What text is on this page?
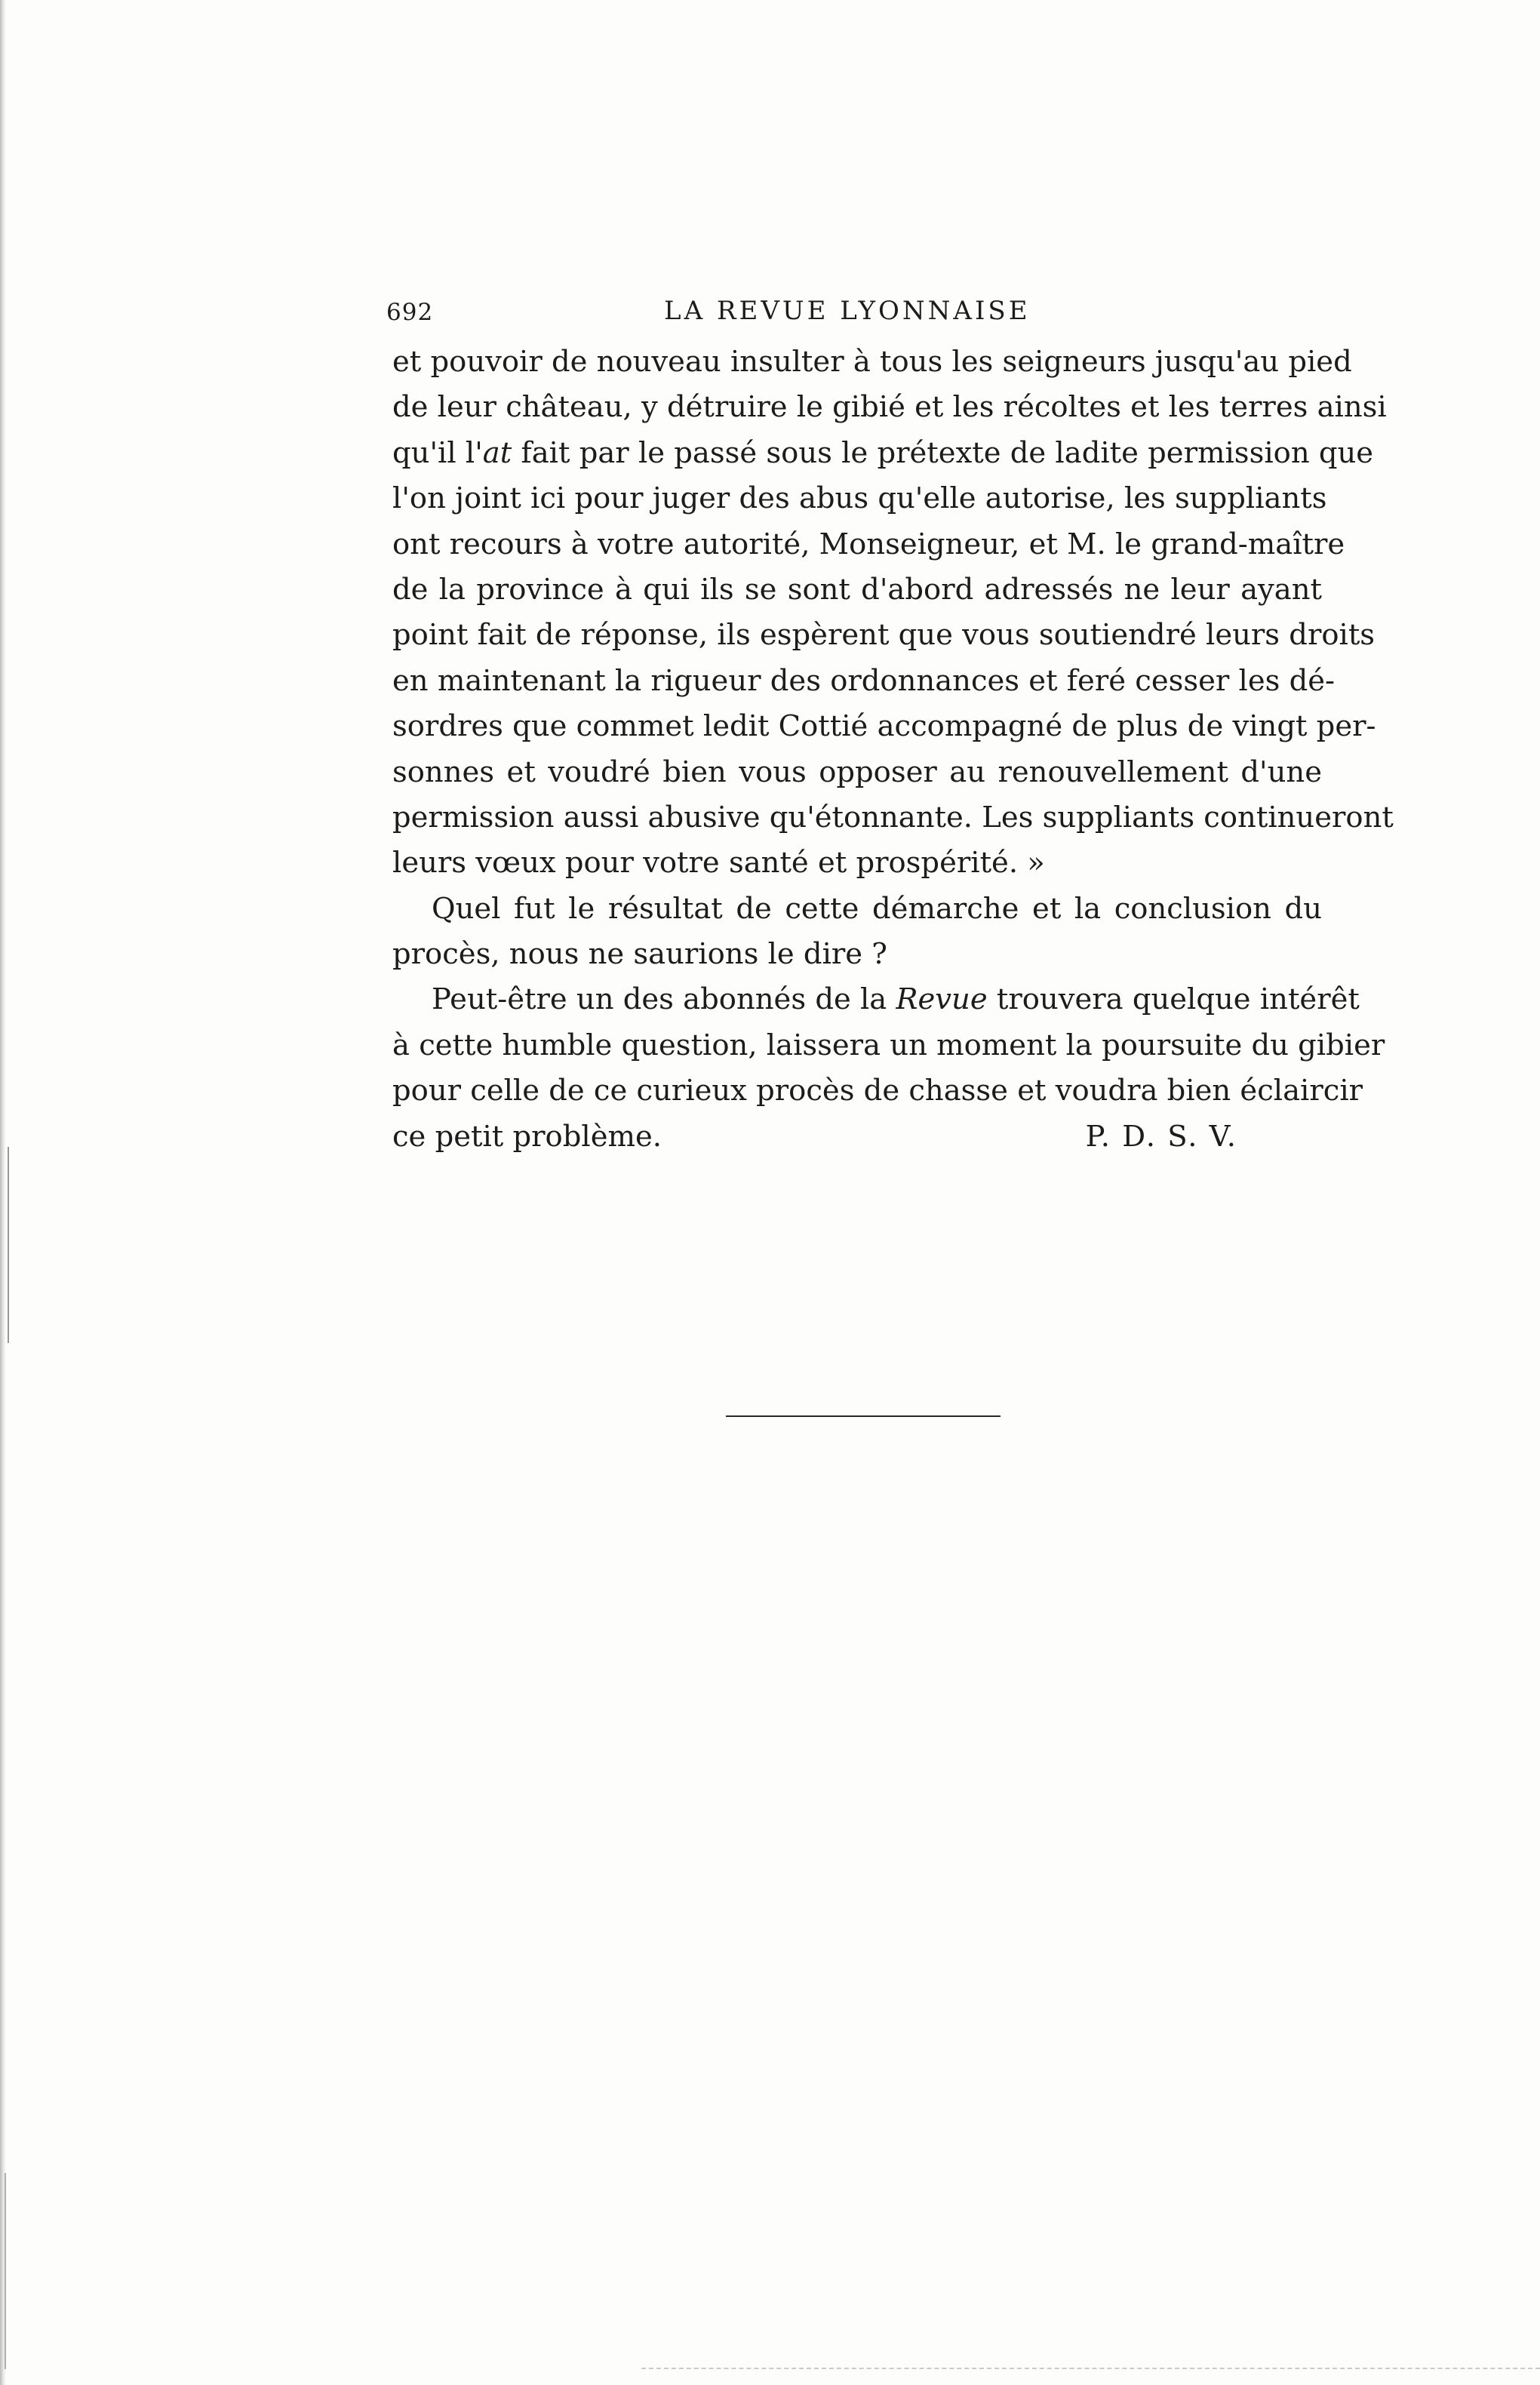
692	LA REVUE LYONNAISE
et pouvoir de nouveau insulter à tous les seigneurs jusqu'au pied
de leur château, y détruire le gibié et les récoltes et les terres ainsi
qu'il l'at fait par le passé sous le prétexte de ladite permission que
l'on joint ici pour juger des abus qu'elle autorise, les suppliants
ont recours à votre autorité, Monseigneur, et M. le grand-maître
de la province à qui ils se sont d'abord adressés ne leur ayant
point fait de réponse, ils espèrent que vous soutiendré leurs droits
en maintenant la rigueur des ordonnances et feré cesser les dé-
sordres que commet ledit Cottié accompagné de plus de vingt per-
sonnes et voudré bien vous opposer au renouvellement d'une
permission aussi abusive qu'étonnante. Les suppliants continueront
leurs vœux pour votre santé et prospérité. »
Quel fut le résultat de cette démarche et la conclusion du
procès, nous ne saurions le dire ?
Peut-être un des abonnés de la Revue trouvera quelque intérêt
à cette humble question, laissera un moment la poursuite du gibier
pour celle de ce curieux procès de chasse et voudra bien éclaircir
ce petit problème.	P. D. S. V.
